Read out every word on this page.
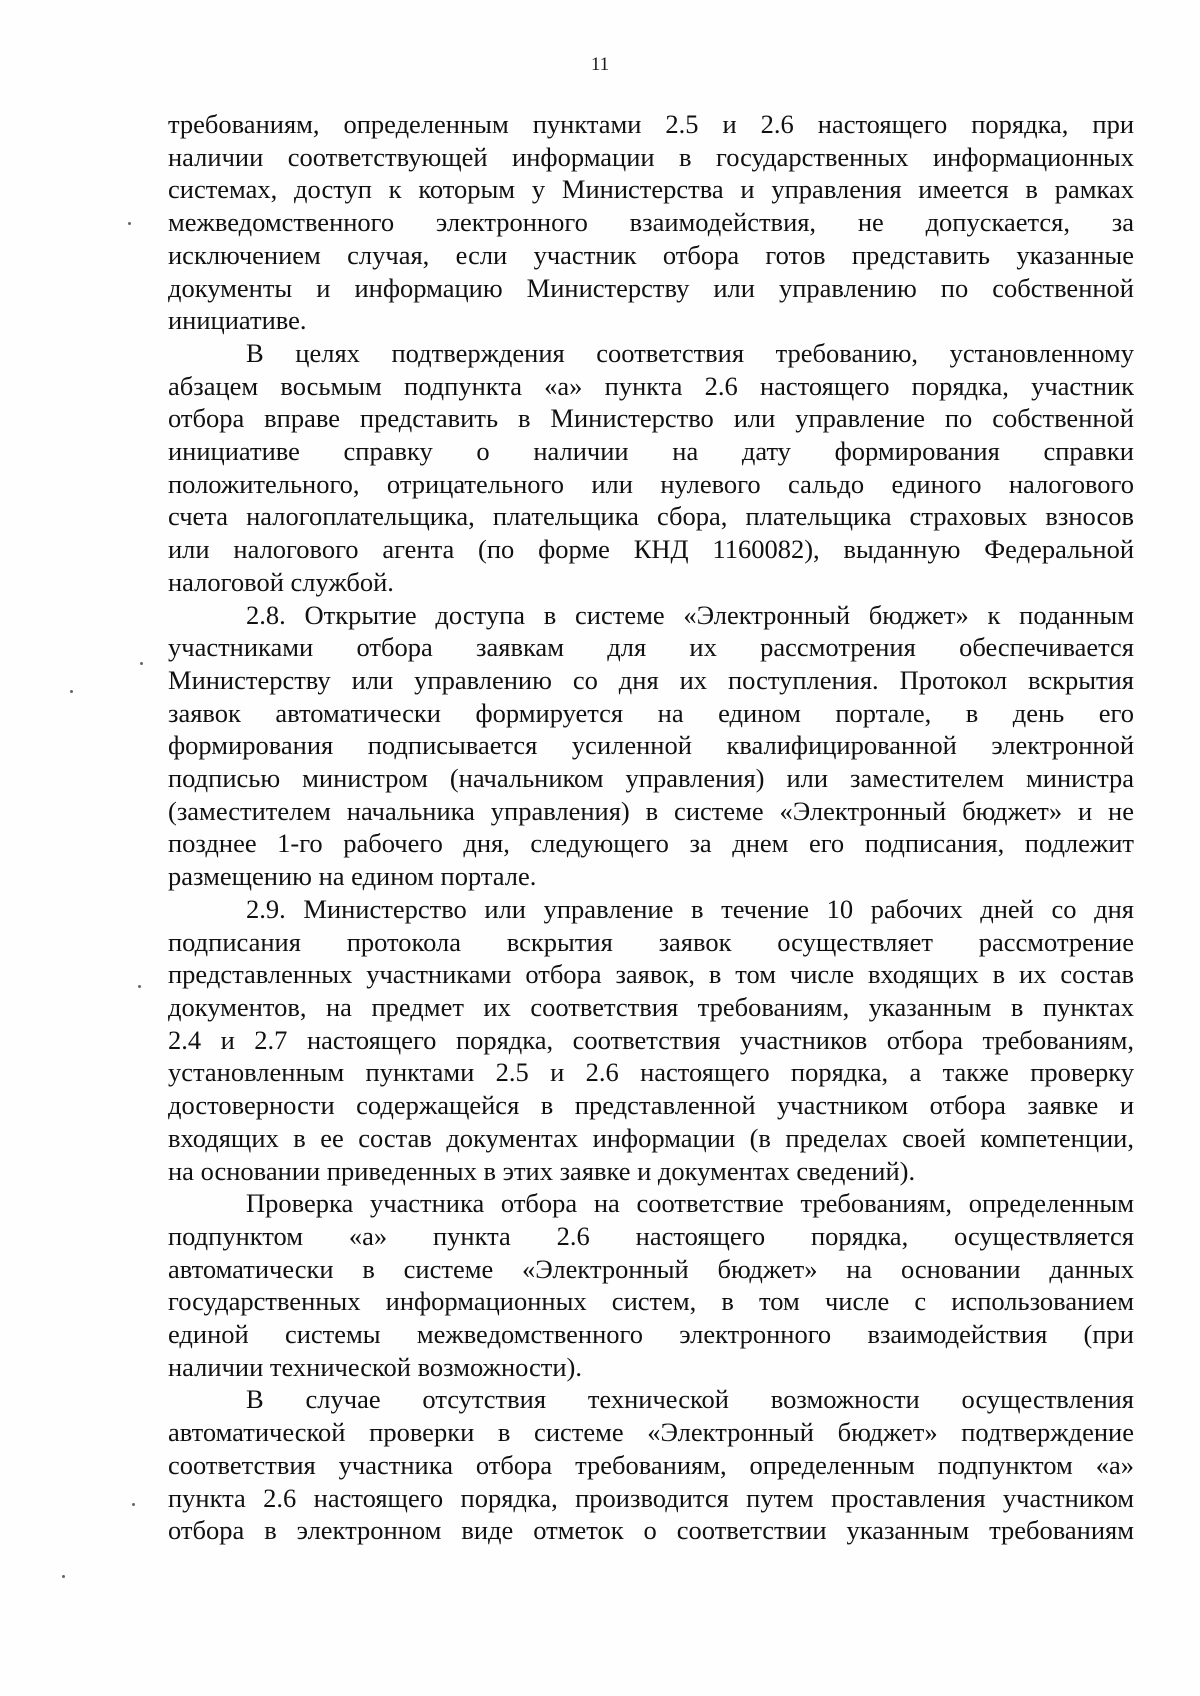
11

требованиям, определенным пунктами 2.5 и 2.6 настоящего порядка, при
наличии соответствующей информации в государственных информационных
системах, доступ к которым у Министерства и управления имеется в рамках
межведомственного электронного взаимодействия, не допускается, за
исключением случая, если участник отбора готов представить указанные
документы и информацию Министерству или управлению по собственной
инициативе.

В целях подтверждения соответствия требованию, установленному
абзацем восьмым подпункта «а» пункта 2.6 настоящего порядка, участник
отбора вправе представить в Министерство или управление по собственной
инициативе справку о наличии на дату формирования справки
положительного, отрицательного или нулевого сальдо единого налогового
счета налогоплательщика, плательщика сбора, плательщика страховых взносов
или налогового агента (по форме КНД 1160082), выданную Федеральной
налоговой службой.

2.8. Открытие доступа в системе «Электронный бюджет» к поданным
участниками отбора заявкам для их рассмотрения обеспечивается
Министерству или управлению со дня их поступления. Протокол вскрытия
заявок автоматически формируется на едином портале, в день его
формирования подписывается усиленной квалифицированной электронной
подписью министром (начальником управления) или заместителем министра
(заместителем начальника управления) в системе «Электронный бюджет» и не
позднее 1-го рабочего дня, следующего за днем его подписания, подлежит
размещению на едином портале.

2.9. Министерство или управление в течение 10 рабочих дней со дня
подписания протокола вскрытия заявок осуществляет рассмотрение
представленных участниками отбора заявок, в том числе входящих в их состав
документов, на предмет их соответствия требованиям, указанным в пунктах
2.4 и 2.7 настоящего порядка, соответствия участников отбора требованиям,
установленным пунктами 2.5 и 2.6 настоящего порядка, а также проверку
достоверности содержащейся в представленной участником отбора заявке и
входящих в ее состав документах информации (в пределах своей компетенции,
на основании приведенных в этих заявке и документах сведений).

Проверка участника отбора на соответствие требованиям, определенным
подпунктом «а» пункта 2.6 настоящего порядка, осуществляется
автоматически в системе «Электронный бюджет» на основании данных
государственных информационных систем, в том числе с использованием
единой системы межведомственного электронного взаимодействия (при
наличии технической возможности).

В случае отсутствия технической возможности осуществления
автоматической проверки в системе «Электронный бюджет» подтверждение
соответствия участника отбора требованиям, определенным подпунктом «а»
пункта 2.6 настоящего порядка, производится путем проставления участником
отбора в электронном виде отметок о соответствии указанным требованиям
